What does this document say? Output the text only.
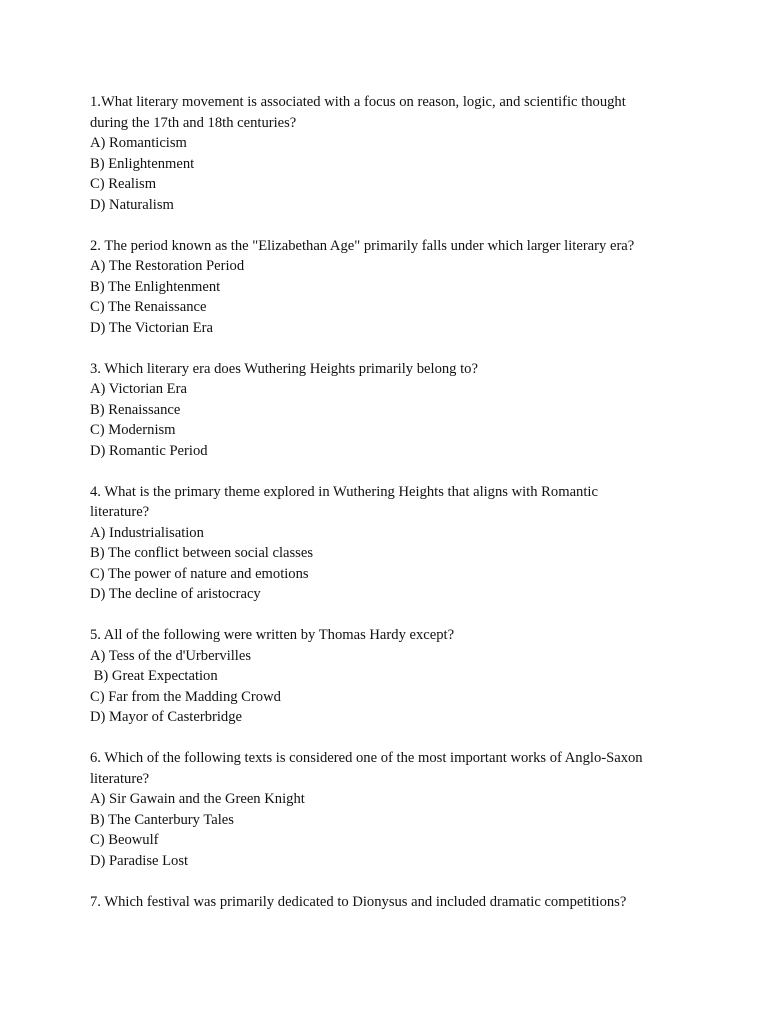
1.What literary movement is associated with a focus on reason, logic, and scientific thought

during the 17th and 18th centuries?

A) Romanticism

B) Enlightenment

C) Realism

D) Naturalism

2. The period known as the "Elizabethan Age" primarily falls under which larger literary era?

A) The Restoration Period

B) The Enlightenment

C) The Renaissance

D) The Victorian Era

3. Which literary era does Wuthering Heights primarily belong to?

A) Victorian Era

B) Renaissance

C) Modernism

D) Romantic Period

4. What is the primary theme explored in Wuthering Heights that aligns with Romantic

literature?

A) Industrialisation

B) The conflict between social classes

C) The power of nature and emotions

D) The decline of aristocracy

5. All of the following were written by Thomas Hardy except?

A) Tess of the d'Urbervilles

B) Great Expectation

C) Far from the Madding Crowd

D) Mayor of Casterbridge

6. Which of the following texts is considered one of the most important works of Anglo-Saxon

literature?

A) Sir Gawain and the Green Knight

B) The Canterbury Tales

C) Beowulf

D) Paradise Lost

7. Which festival was primarily dedicated to Dionysus and included dramatic competitions?
